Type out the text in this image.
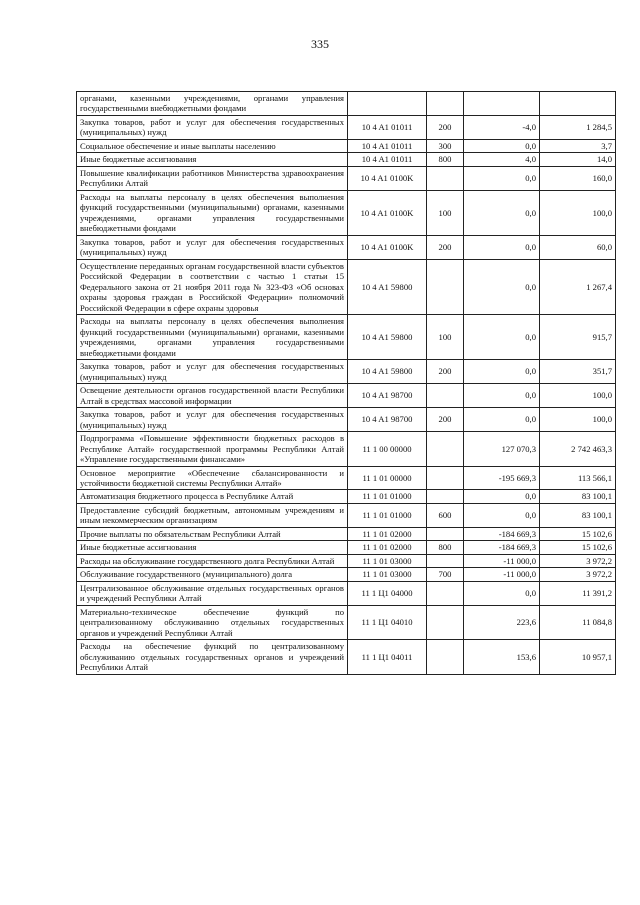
335
органами, казенными учреждениями, органами управления государственными внебюджетными фондами				
Закупка товаров, работ и услуг для обеспечения государственных (муниципальных) нужд	10 4 A1 01011	200	-4,0	1 284,5
Социальное обеспечение и иные выплаты населению	10 4 A1 01011	300	0,0	3,7
Иные бюджетные ассигнования	10 4 A1 01011	800	4,0	14,0
Повышение квалификации работников Министерства здравоохранения Республики Алтай	10 4 A1 0100K		0,0	160,0
Расходы на выплаты персоналу в целях обеспечения выполнения функций государственными (муниципальными) органами, казенными учреждениями, органами управления государственными внебюджетными фондами	10 4 A1 0100K	100	0,0	100,0
Закупка товаров, работ и услуг для обеспечения государственных (муниципальных) нужд	10 4 A1 0100K	200	0,0	60,0
Осуществление переданных органам государственной власти субъектов Российской Федерации в соответствии с частью 1 статьи 15 Федерального закона от 21 ноября 2011 года № 323-ФЗ «Об основах охраны здоровья граждан в Российской Федерации» полномочий Российской Федерации в сфере охраны здоровья	10 4 A1 59800		0,0	1 267,4
Расходы на выплаты персоналу в целях обеспечения выполнения функций государственными (муниципальными) органами, казенными учреждениями, органами управления государственными внебюджетными фондами	10 4 A1 59800	100	0,0	915,7
Закупка товаров, работ и услуг для обеспечения государственных (муниципальных) нужд	10 4 A1 59800	200	0,0	351,7
Освещение деятельности органов государственной власти Республики Алтай в средствах массовой информации	10 4 A1 98700		0,0	100,0
Закупка товаров, работ и услуг для обеспечения государственных (муниципальных) нужд	10 4 A1 98700	200	0,0	100,0
Подпрограмма «Повышение эффективности бюджетных расходов в Республике Алтай» государственной программы Республики Алтай «Управление государственными финансами»	11 1 00 00000		127 070,3	2 742 463,3
Основное мероприятие «Обеспечение сбалансированности и устойчивости бюджетной системы Республики Алтай»	11 1 01 00000		-195 669,3	113 566,1
Автоматизация бюджетного процесса в Республике Алтай	11 1 01 01000		0,0	83 100,1
Предоставление субсидий бюджетным, автономным учреждениям и иным некоммерческим организациям	11 1 01 01000	600	0,0	83 100,1
Прочие выплаты по обязательствам Республики Алтай	11 1 01 02000		-184 669,3	15 102,6
Иные бюджетные ассигнования	11 1 01 02000	800	-184 669,3	15 102,6
Расходы на обслуживание государственного долга Республики Алтай	11 1 01 03000		-11 000,0	3 972,2
Обслуживание государственного (муниципального) долга	11 1 01 03000	700	-11 000,0	3 972,2
Централизованное обслуживание отдельных государственных органов и учреждений Республики Алтай	11 1 Ц1 04000		0,0	11 391,2
Материально-техническое обеспечение функций по централизованному обслуживанию отдельных государственных органов и учреждений Республики Алтай	11 1 Ц1 04010		223,6	11 084,8
Расходы на обеспечение функций по централизованному обслуживанию отдельных государственных органов и учреждений Республики Алтай	11 1 Ц1 04011		153,6	10 957,1
